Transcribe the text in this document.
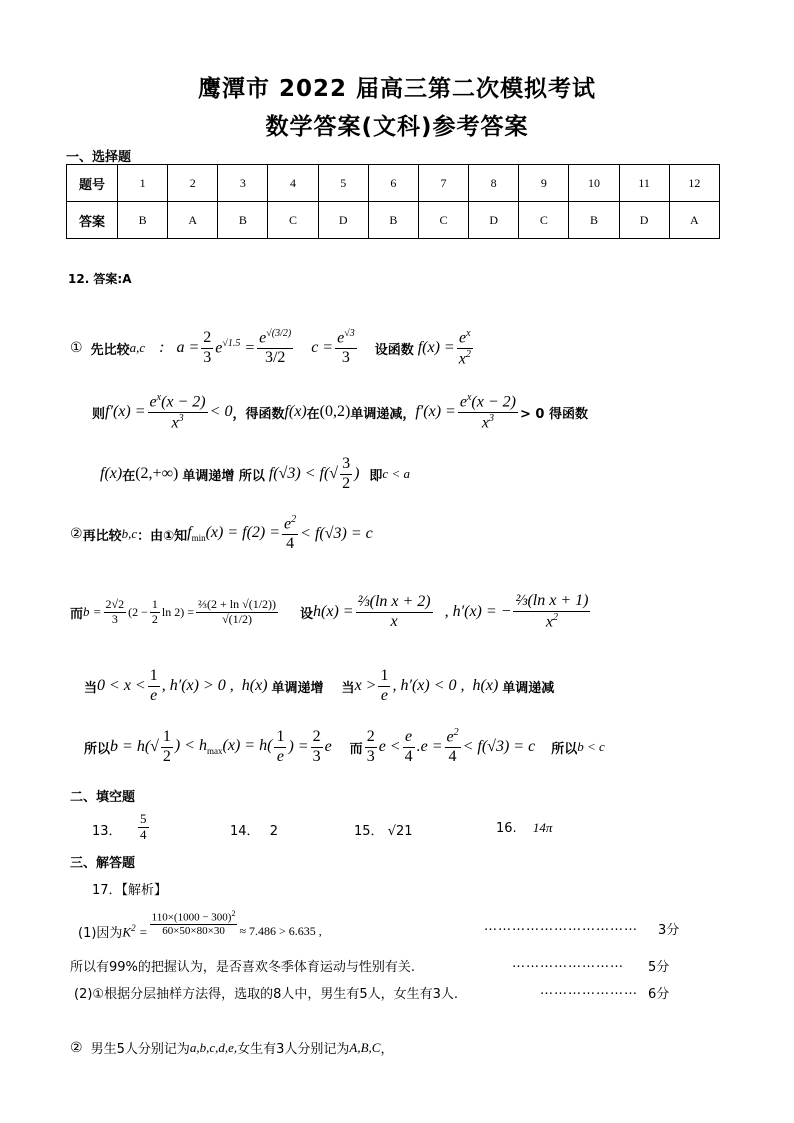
鹰潭市 2022 届高三第二次模拟考试
数学答案(文科)参考答案
一、选择题
题号	1	2	3	4	5	6	7	8	9	10	11	12
答案	B	A	B	C	D	B	C	D	C	B	D	A
12. 答案:A
① 先比较 a,c :   $a = \frac{2}{3} e^{√1.5} = \frac{e^{√(3/2)}}{3/2}$ $c = \frac{e^{√3}}{3}$ 设函数 $f(x) = \frac{e^x}{x^2}$
则 $f'(x) = \frac{e^x(x - 2)}{x^3} < 0$ ，得函数 f(x) 在 (0,2) 单调递减， $f'(x) = \frac{e^x(x - 2)}{x^3} > 0$ 得函数
f(x) 在 (2,+∞) 单调递增 所以 f(√3) < f( √ $\frac{3}{2}$ ) 即 c < a
② 再比较 b,c ：由①知 $f_{min}(x) = f(2) = \frac{e^2}{4} < f(√3) = c$
而 $b = \frac{2√2}{3} (2 - \frac{1}{2}$ $\ln 2) = \frac{\text{⅔(2 + ln √(1/2))}}{√(1/2)}$ 设 $h(x) = \frac{\text{⅔(ln x + 2)}}{x}$ , h′(x) = − $\frac{\text{⅔(ln x + 1)}}{x^2}$
当 $0 < x < \frac{1}{e}$ , h′(x) > 0 ,  h(x) 单调递增 当 $x > \frac{1}{e}$ , h′(x) < 0 ,  h(x) 单调递减
所以 $b = h(√ \frac{1}{2}$ ) < $h_{max}(x) = h( \frac{1}{e}$ ) = $\frac{2}{3}$ e 而 $\frac{2}{3}$ $e < \frac{e}{4} .e = \frac{e^2}{4} < f(√3) = c$ 所以 b < c
二、填空题
13． $\frac{5}{4}$	14． 2	15． √21	16. 14π
三、解答题
17．【解析】
(1)因为 $K^2 = \frac{110\times(1000 - 300)^2}{60\times 50\times 80\times 30} \approx 7.486 > 6.635$ ,	…………………………… 3分
所以有99%的把握认为，是否喜欢冬季体育运动与性别有关.	…………………… 5分
(2)①根据分层抽样方法得，选取的8人中，男生有5人，女生有3人.	………………… 6分
② 男生5人分别记为 a,b,c,d,e, 女生有3人分别记为 A,B,C ，
